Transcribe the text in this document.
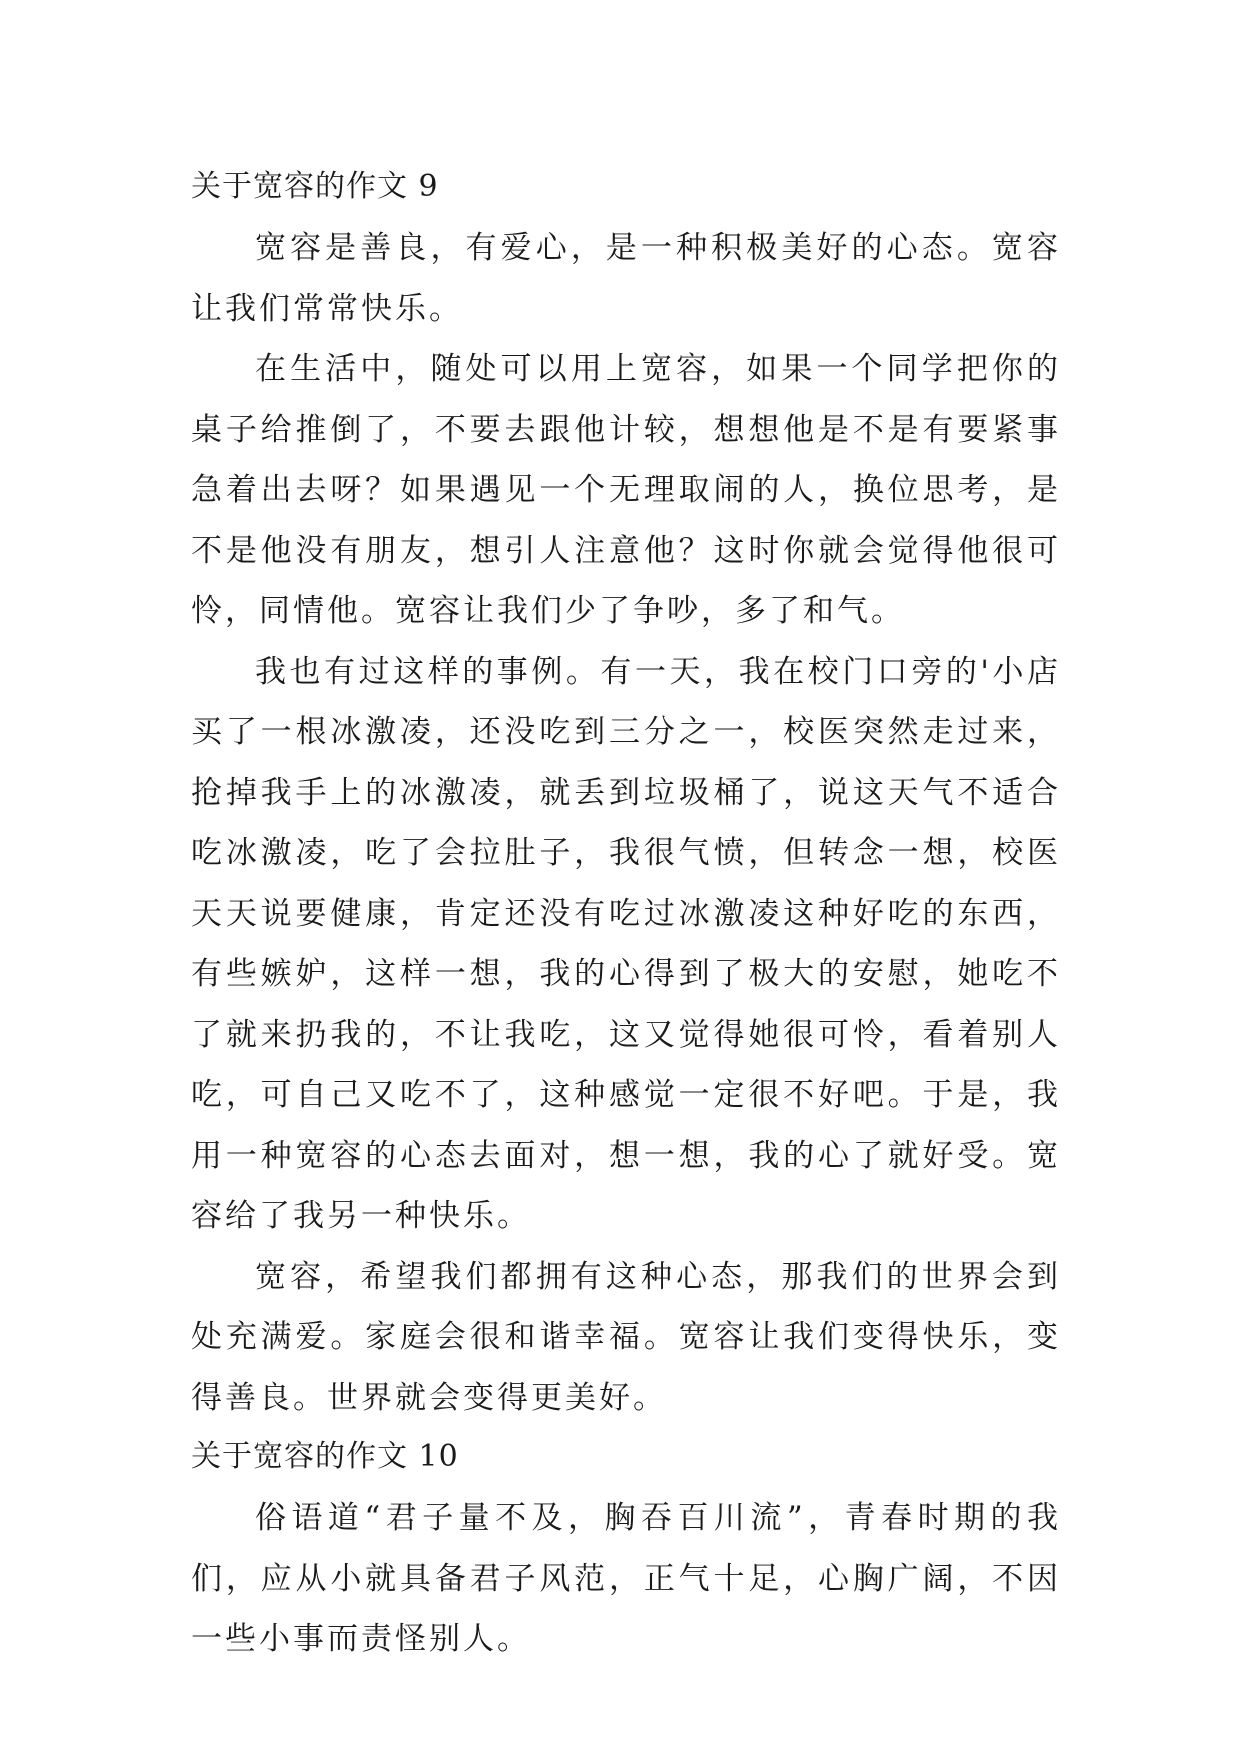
关于宽容的作文 9

宽容是善良，有爱心，是一种积极美好的心态。宽容让我们常常快乐。

在生活中，随处可以用上宽容，如果一个同学把你的桌子给推倒了，不要去跟他计较，想想他是不是有要紧事急着出去呀？如果遇见一个无理取闹的人，换位思考，是不是他没有朋友，想引人注意他？这时你就会觉得他很可怜，同情他。宽容让我们少了争吵，多了和气。

我也有过这样的事例。有一天，我在校门口旁的'小店买了一根冰激凌，还没吃到三分之一，校医突然走过来，抢掉我手上的冰激凌，就丢到垃圾桶了，说这天气不适合吃冰激凌，吃了会拉肚子，我很气愤，但转念一想，校医天天说要健康，肯定还没有吃过冰激凌这种好吃的东西，有些嫉妒，这样一想，我的心得到了极大的安慰，她吃不了就来扔我的，不让我吃，这又觉得她很可怜，看着别人吃，可自己又吃不了，这种感觉一定很不好吧。于是，我用一种宽容的心态去面对，想一想，我的心了就好受。宽容给了我另一种快乐。

宽容，希望我们都拥有这种心态，那我们的世界会到处充满爱。家庭会很和谐幸福。宽容让我们变得快乐，变得善良。世界就会变得更美好。

关于宽容的作文 10

俗语道“君子量不及，胸吞百川流”，青春时期的我们，应从小就具备君子风范，正气十足，心胸广阔，不因一些小事而责怪别人。
